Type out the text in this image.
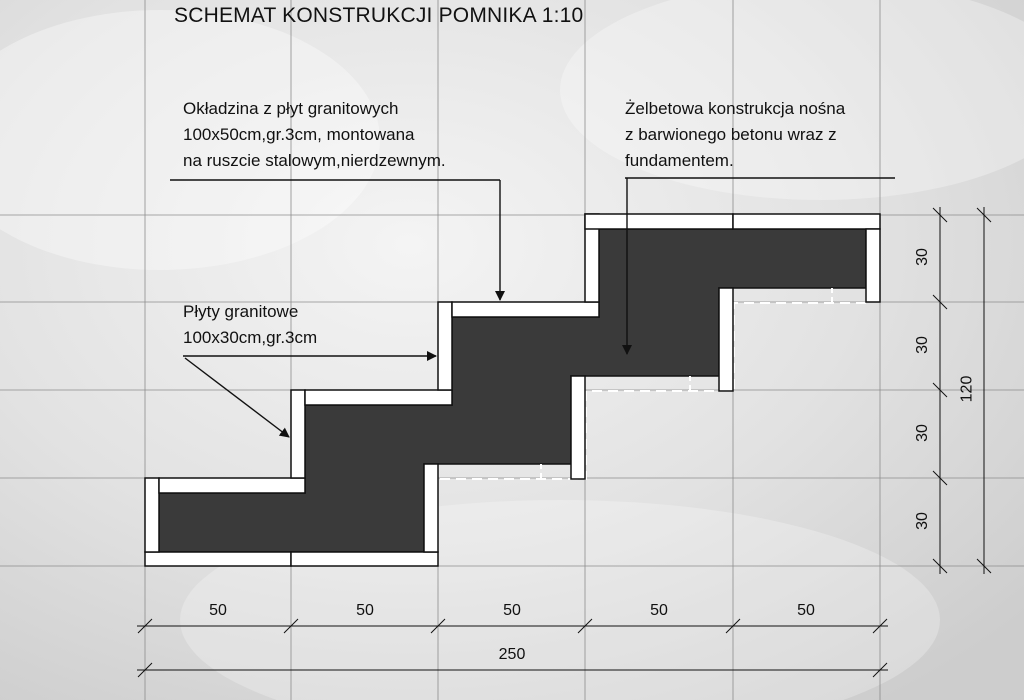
SCHEMAT KONSTRUKCJI POMNIKA 1:10
Okładzina z płyt granitowych
100x50cm,gr.3cm, montowana
na ruszcie stalowym,nierdzewnym.
Żelbetowa konstrukcja nośna
z barwionego betonu wraz z
fundamentem.
Płyty granitowe
100x30cm,gr.3cm
50	50	50	50	50
250
30
30
30
30
120
